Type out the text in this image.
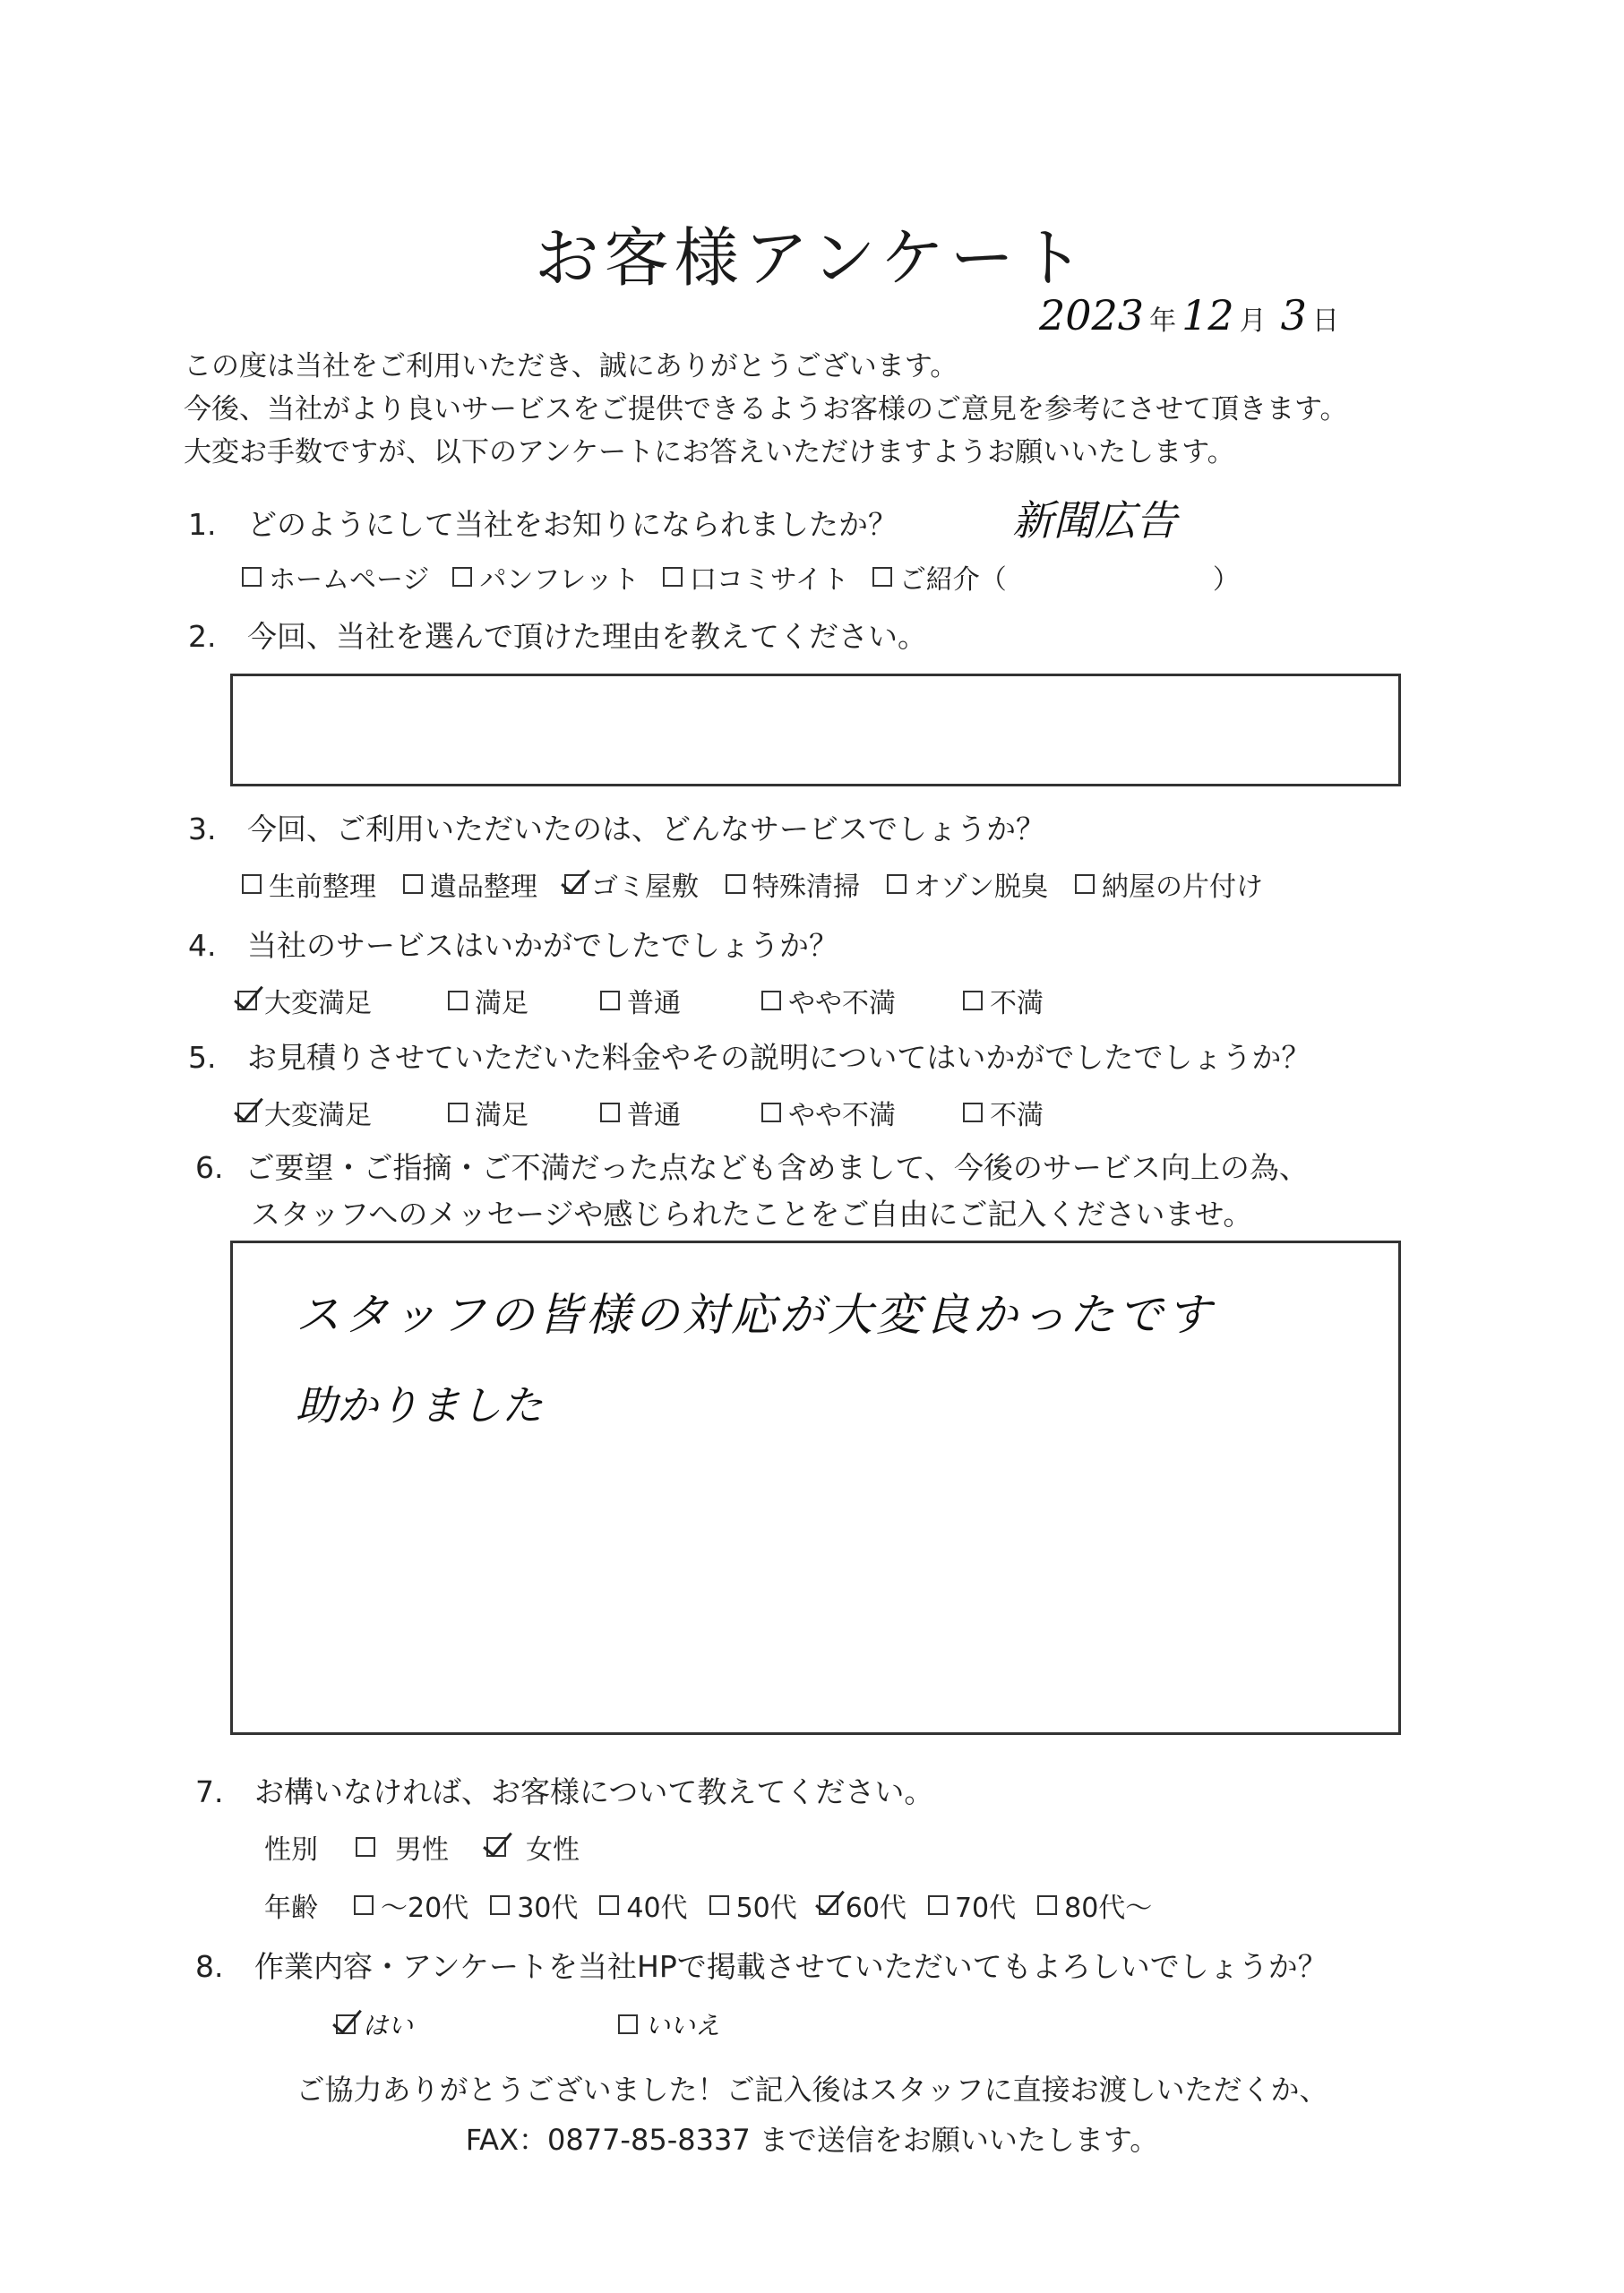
お客様アンケート
2023 年 12 月 3 日
この度は当社をご利用いただき、誠にありがとうございます。
今後、当社がより良いサービスをご提供できるようお客様のご意見を参考にさせて頂きます。
大変お手数ですが、以下のアンケートにお答えいただけますようお願いいたします。
1. どのようにして当社をお知りになられましたか？	新聞広告
ホームページ パンフレット 口コミサイト ご紹介（	）
2. 今回、当社を選んで頂けた理由を教えてください。
3. 今回、ご利用いただいたのは、どんなサービスでしょうか？
生前整理 遺品整理 ゴミ屋敷 特殊清掃 オゾン脱臭 納屋の片付け
4. 当社のサービスはいかがでしたでしょうか？
大変満足	満足	普通	やや不満	不満
5. お見積りさせていただいた料金やその説明についてはいかがでしたでしょうか？
大変満足	満足	普通	やや不満	不満
6. ご要望・ご指摘・ご不満だった点なども含めまして、今後のサービス向上の為、
スタッフへのメッセージや感じられたことをご自由にご記入くださいませ。
スタッフの皆様の対応が大変良かったです
助かりました
7. お構いなければ、お客様について教えてください。
性別	男性	女性
年齢 ～20代 30代 40代 50代 60代 70代 80代～
8. 作業内容・アンケートを当社HPで掲載させていただいてもよろしいでしょうか？
はい	いいえ
ご協力ありがとうございました！ご記入後はスタッフに直接お渡しいただくか、
FAX：0877-85-8337 まで送信をお願いいたします。
